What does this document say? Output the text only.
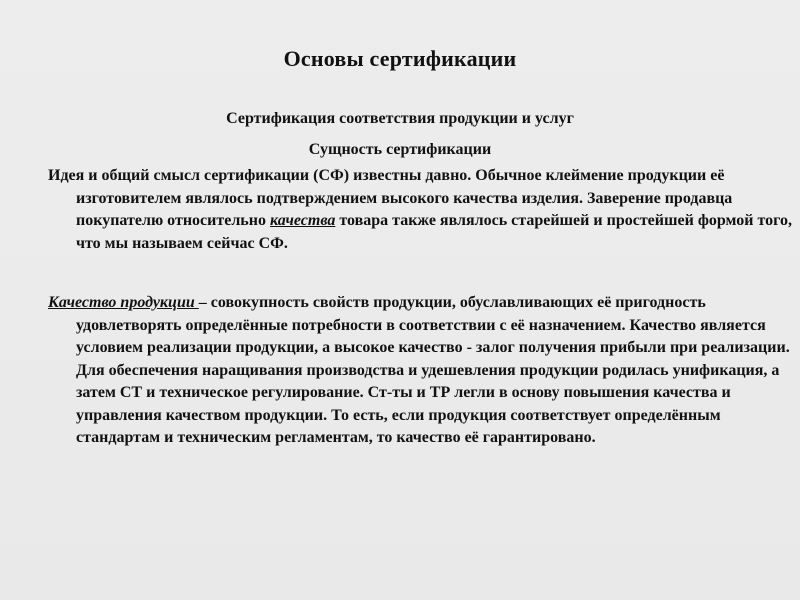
Основы сертификации
Сертификация соответствия продукции и услуг
Сущность сертификации

Идея и общий смысл сертификации (СФ) известны давно. Обычное клеймение продукции её изготовителем являлось подтверждением высокого качества изделия. Заверение продавца покупателю относительно качества товара также являлось старейшей и простейшей формой того, что мы называем сейчас СФ.

Качество продукции – совокупность свойств продукции, обуславливающих её пригодность удовлетворять определённые потребности в соответствии с её назначением. Качество является условием реализации продукции, а высокое качество - залог получения прибыли при реализации. Для обеспечения наращивания производства и удешевления продукции родилась унификация, а затем СТ и техническое регулирование. Ст-ты и ТР легли в основу повышения качества и управления качеством продукции. То есть, если продукция соответствует определённым стандартам и техническим регламентам, то качество её гарантировано.
